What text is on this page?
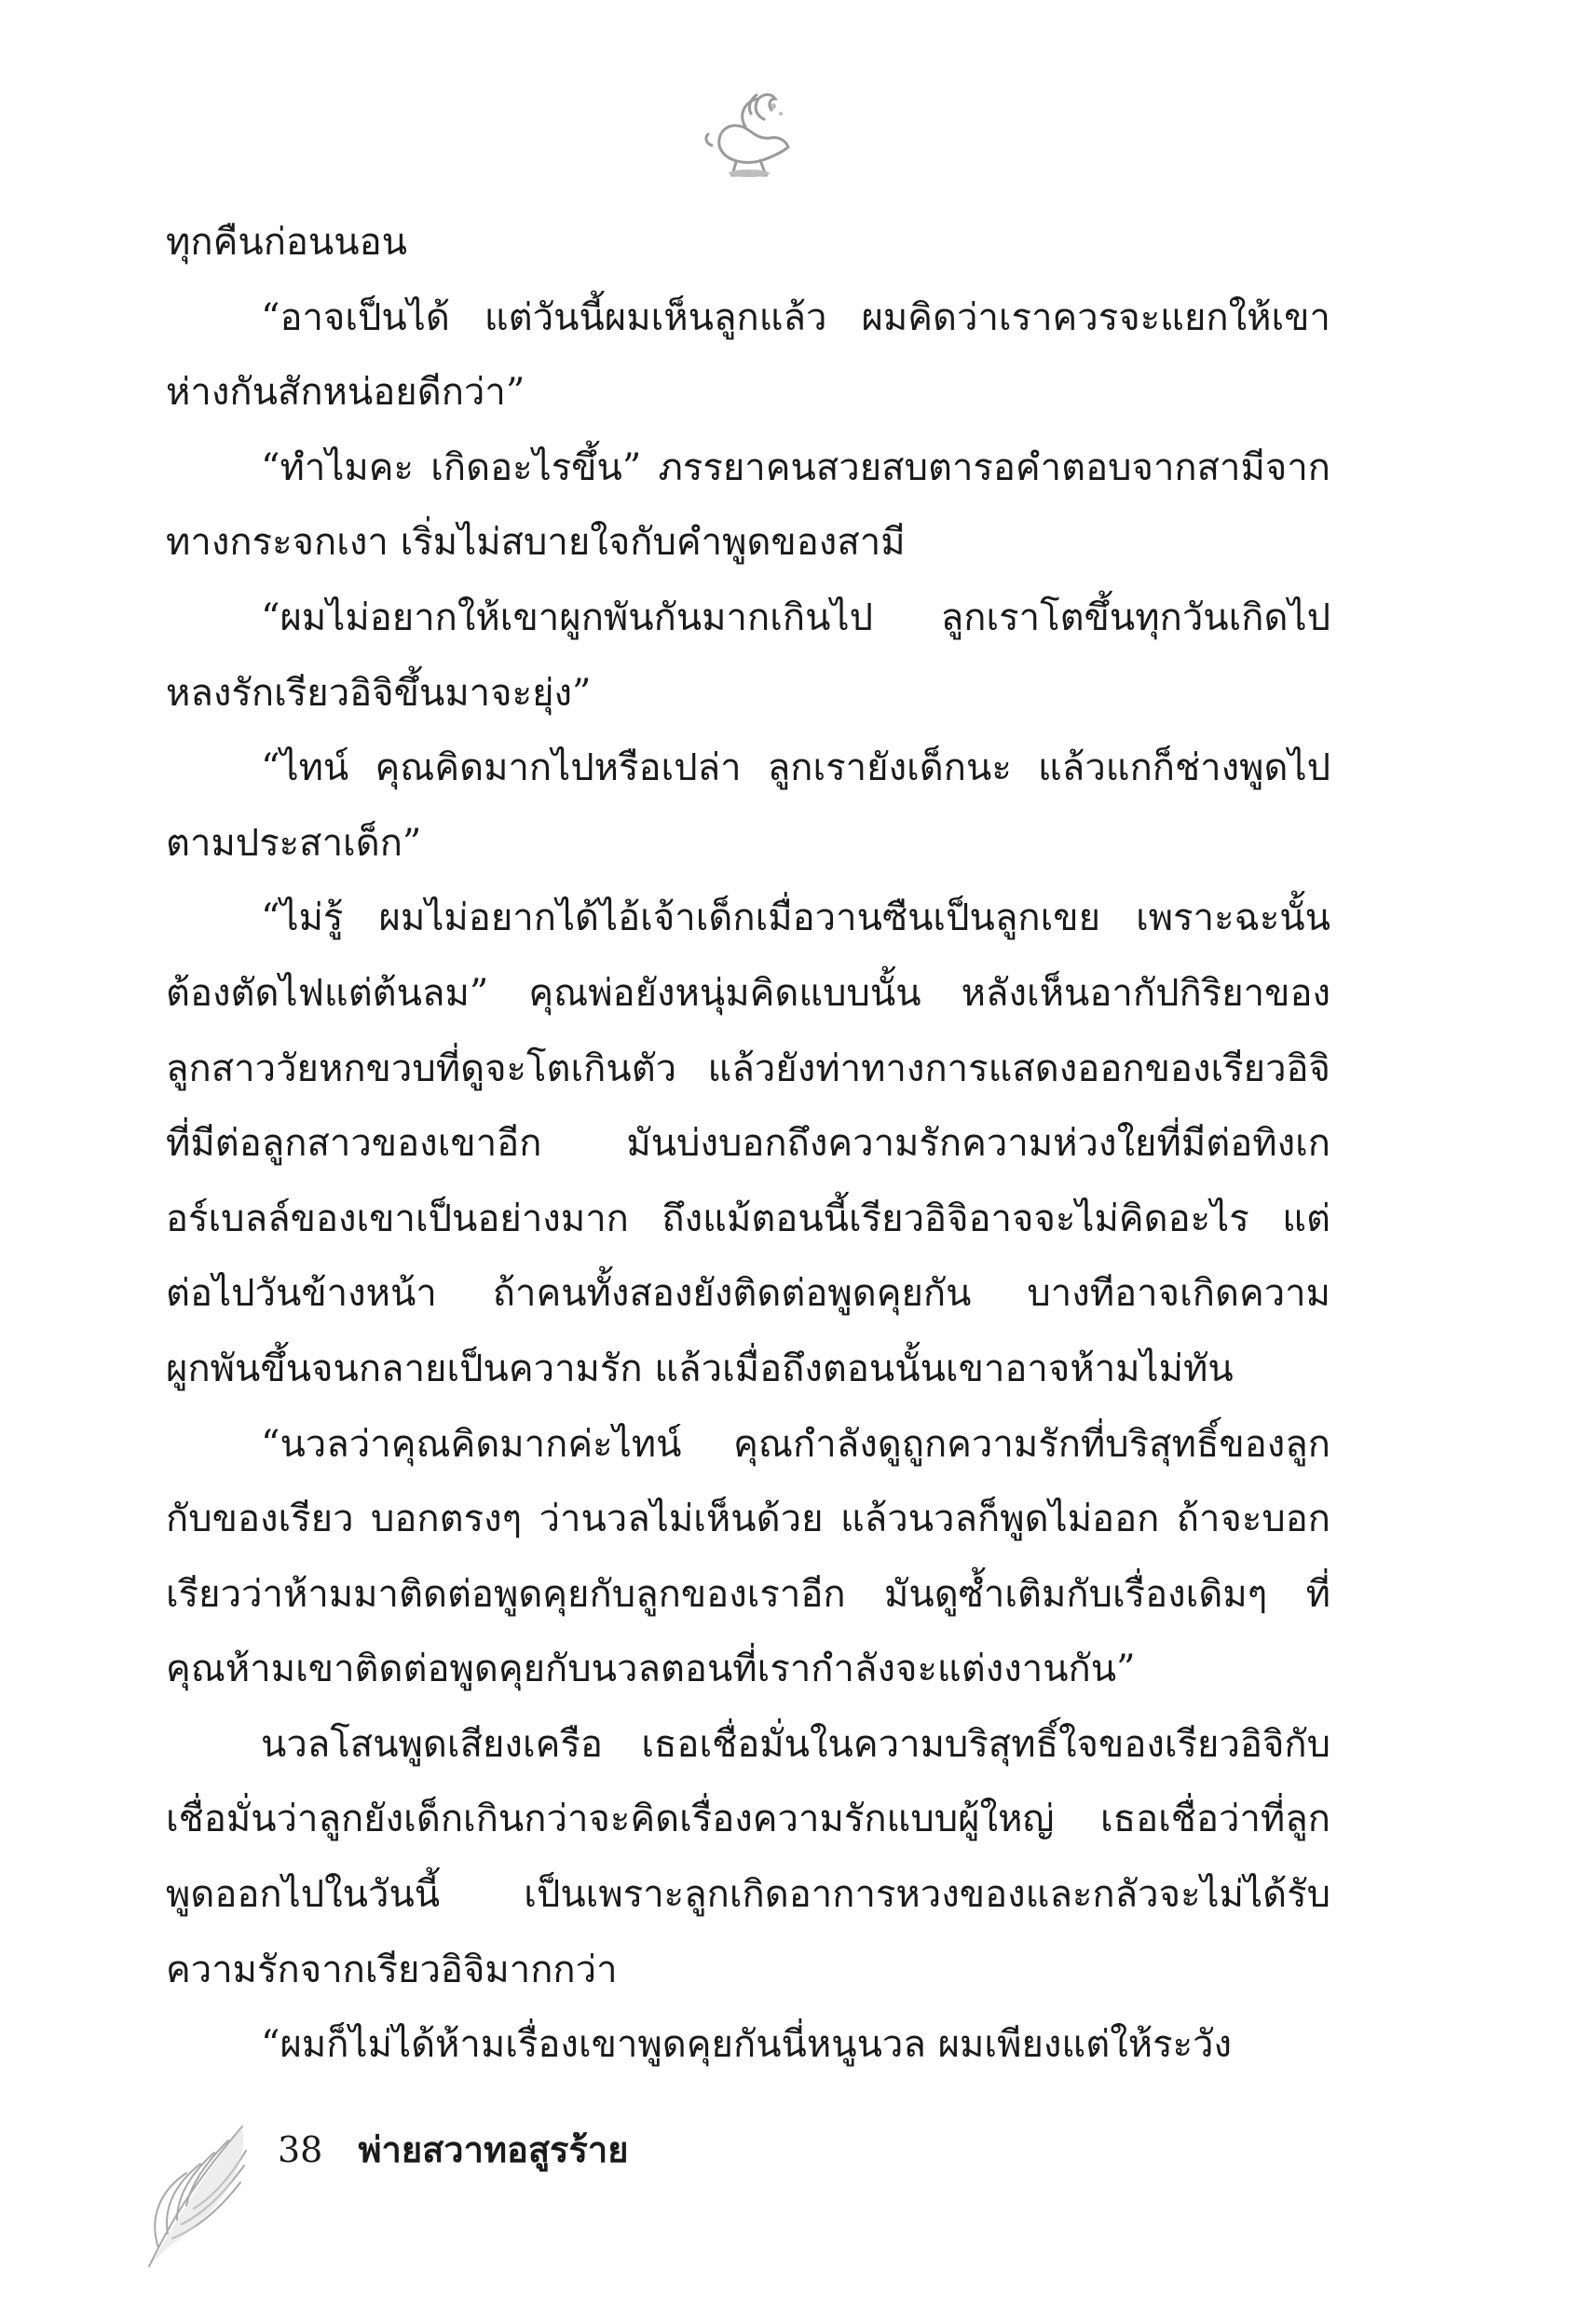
ทุกคืนก่อนนอน

“อาจเป็นได้ แต่วันนี้ผมเห็นลูกแล้ว ผมคิดว่าเราควรจะแยกให้เขาห่างกันสักหน่อยดีกว่า”

“ทำไมคะ เกิดอะไรขึ้น” ภรรยาคนสวยสบตารอคำตอบจากสามีจากทางกระจกเงา เริ่มไม่สบายใจกับคำพูดของสามี

“ผมไม่อยากให้เขาผูกพันกันมากเกินไป ลูกเราโตขึ้นทุกวันเกิดไปหลงรักเรียวอิจิขึ้นมาจะยุ่ง”

“ไทน์ คุณคิดมากไปหรือเปล่า ลูกเรายังเด็กนะ แล้วแกก็ช่างพูดไปตามประสาเด็ก”

“ไม่รู้ ผมไม่อยากได้ไอ้เจ้าเด็กเมื่อวานซืนเป็นลูกเขย เพราะฉะนั้นต้องตัดไฟแต่ต้นลม” คุณพ่อยังหนุ่มคิดแบบนั้น หลังเห็นอากัปกิริยาของลูกสาววัยหกขวบที่ดูจะโตเกินตัว แล้วยังท่าทางการแสดงออกของเรียวอิจิที่มีต่อลูกสาวของเขาอีก มันบ่งบอกถึงความรักความห่วงใยที่มีต่อทิงเกอร์เบลล์ของเขาเป็นอย่างมาก ถึงแม้ตอนนี้เรียวอิจิอาจจะไม่คิดอะไร แต่ต่อไปวันข้างหน้า ถ้าคนทั้งสองยังติดต่อพูดคุยกัน บางทีอาจเกิดความผูกพันขึ้นจนกลายเป็นความรัก แล้วเมื่อถึงตอนนั้นเขาอาจห้ามไม่ทัน

“นวลว่าคุณคิดมากค่ะไทน์ คุณกำลังดูถูกความรักที่บริสุทธิ์ของลูกกับของเรียว บอกตรงๆ ว่านวลไม่เห็นด้วย แล้วนวลก็พูดไม่ออก ถ้าจะบอกเรียวว่าห้ามมาติดต่อพูดคุยกับลูกของเราอีก มันดูซ้ำเติมกับเรื่องเดิมๆ ที่คุณห้ามเขาติดต่อพูดคุยกับนวลตอนที่เรากำลังจะแต่งงานกัน”

นวลโสนพูดเสียงเครือ เธอเชื่อมั่นในความบริสุทธิ์ใจของเรียวอิจิกับเชื่อมั่นว่าลูกยังเด็กเกินกว่าจะคิดเรื่องความรักแบบผู้ใหญ่ เธอเชื่อว่าที่ลูกพูดออกไปในวันนี้ เป็นเพราะลูกเกิดอาการหวงของและกลัวจะไม่ได้รับความรักจากเรียวอิจิมากกว่า

“ผมก็ไม่ได้ห้ามเรื่องเขาพูดคุยกันนี่หนูนวล ผมเพียงแต่ให้ระวัง

38 พ่ายสวาทอสูรร้าย
